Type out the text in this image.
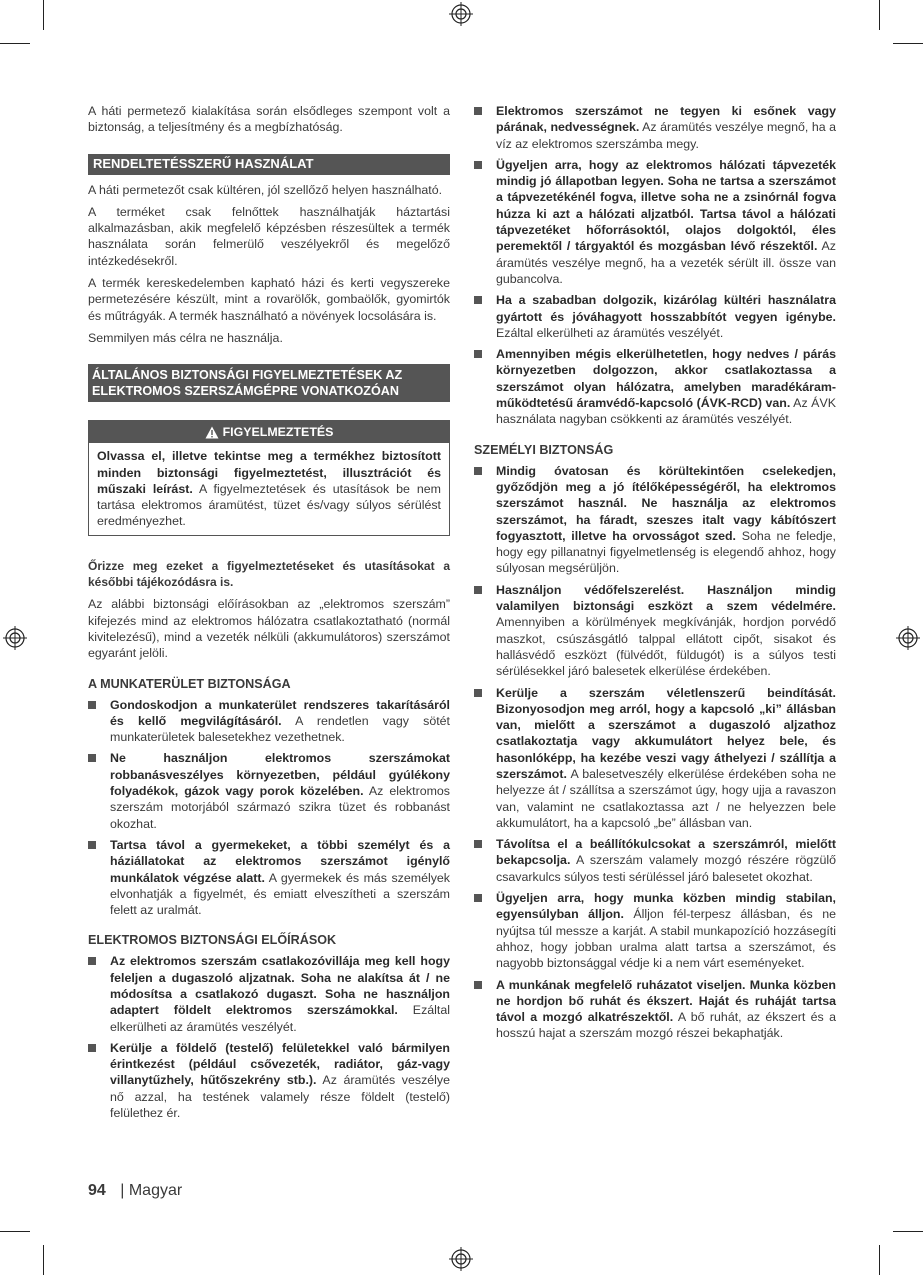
A háti permetező kialakítása során elsődleges szempont volt a biztonság, a teljesítmény és a megbízhatóság.

RENDELTETÉSSZERŰ HASZNÁLAT

A háti permetezőt csak kültéren, jól szellőző helyen használható.

A terméket csak felnőttek használhatják háztartási alkalmazásban, akik megfelelő képzésben részesültek a termék használata során felmerülő veszélyekről és megelőző intézkedésekről.

A termék kereskedelemben kapható házi és kerti vegyszereke permetezésére készült, mint a rovarölők, gombaölők, gyomirtók és műtrágyák. A termék használható a növények locsolására is.

Semmilyen más célra ne használja.

ÁLTALÁNOS BIZTONSÁGI FIGYELMEZTETÉSEK AZ ELEKTROMOS SZERSZÁMGÉPRE VONATKOZÓAN
FIGYELMEZTETÉS

Olvassa el, illetve tekintse meg a termékhez biztosított minden biztonsági figyelmeztetést, illusztrációt és műszaki leírást. A figyelmeztetések és utasítások be nem tartása elektromos áramütést, tüzet és/vagy súlyos sérülést eredményezhet.

Őrizze meg ezeket a figyelmeztetéseket és utasításokat a későbbi tájékozódásra is.

Az alábbi biztonsági előírásokban az „elektromos szerszám” kifejezés mind az elektromos hálózatra csatlakoztatható (normál kivitelezésű), mind a vezeték nélküli (akkumulátoros) szerszámot egyaránt jelöli.

A MUNKATERÜLET BIZTONSÁGA
Gondoskodjon a munkaterület rendszeres takarításáról és kellő megvilágításáról. A rendetlen vagy sötét munkaterületek balesetekhez vezethetnek.
Ne használjon elektromos szerszámokat robbanásveszélyes környezetben, például gyúlékony folyadékok, gázok vagy porok közelében. Az elektromos szerszám motorjából származó szikra tüzet és robbanást okozhat.
Tartsa távol a gyermekeket, a többi személyt és a háziállatokat az elektromos szerszámot igénylő munkálatok végzése alatt. A gyermekek és más személyek elvonhatják a figyelmét, és emiatt elveszítheti a szerszám felett az uralmát.
ELEKTROMOS BIZTONSÁGI ELŐÍRÁSOK
Az elektromos szerszám csatlakozóvillája meg kell hogy feleljen a dugaszoló aljzatnak. Soha ne alakítsa át / ne módosítsa a csatlakozó dugaszt. Soha ne használjon adaptert földelt elektromos szerszámokkal. Ezáltal elkerülheti az áramütés veszélyét.
Kerülje a földelő (testelő) felületekkel való bármilyen érintkezést (például csővezeték, radiátor, gáz-vagy villanytűzhely, hűtőszekrény stb.). Az áramütés veszélye nő azzal, ha testének valamely része földelt (testelő) felülethez ér.
Elektromos szerszámot ne tegyen ki esőnek vagy párának, nedvességnek. Az áramütés veszélye megnő, ha a víz az elektromos szerszámba megy.
Ügyeljen arra, hogy az elektromos hálózati tápvezeték mindig jó állapotban legyen. Soha ne tartsa a szerszámot a tápvezetékénél fogva, illetve soha ne a zsinórnál fogva húzza ki azt a hálózati aljzatból. Tartsa távol a hálózati tápvezetéket hőforrásoktól, olajos dolgoktól, éles peremektől / tárgyaktól és mozgásban lévő részektől. Az áramütés veszélye megnő, ha a vezeték sérült ill. össze van gubancolva.
Ha a szabadban dolgozik, kizárólag kültéri használatra gyártott és jóváhagyott hosszabbítót vegyen igénybe. Ezáltal elkerülheti az áramütés veszélyét.
Amennyiben mégis elkerülhetetlen, hogy nedves / párás környezetben dolgozzon, akkor csatlakoztassa a szerszámot olyan hálózatra, amelyben maradékáram-működtetésű áramvédő-kapcsoló (ÁVK-RCD) van. Az ÁVK használata nagyban csökkenti az áramütés veszélyét.
SZEMÉLYI BIZTONSÁG
Mindig óvatosan és körültekintően cselekedjen, győződjön meg a jó ítélőképességéről, ha elektromos szerszámot használ. Ne használja az elektromos szerszámot, ha fáradt, szeszes italt vagy kábítószert fogyasztott, illetve ha orvosságot szed. Soha ne feledje, hogy egy pillanatnyi figyelmetlenség is elegendő ahhoz, hogy súlyosan megsérüljön.
Használjon védőfelszerelést. Használjon mindig valamilyen biztonsági eszközt a szem védelmére. Amennyiben a körülmények megkívánják, hordjon porvédő maszkot, csúszásgátló talppal ellátott cipőt, sisakot és hallásvédő eszközt (fülvédőt, füldugót) is a súlyos testi sérülésekkel járó balesetek elkerülése érdekében.
Kerülje a szerszám véletlenszerű beindítását. Bizonyosodjon meg arról, hogy a kapcsoló „ki” állásban van, mielőtt a szerszámot a dugaszoló aljzathoz csatlakoztatja vagy akkumulátort helyez bele, és hasonlóképp, ha kezébe veszi vagy áthelyezi / szállítja a szerszámot. A balesetveszély elkerülése érdekében soha ne helyezze át / szállítsa a szerszámot úgy, hogy ujja a ravaszon van, valamint ne csatlakoztassa azt / ne helyezzen bele akkumulátort, ha a kapcsoló „be” állásban van.
Távolítsa el a beállítókulcsokat a szerszámról, mielőtt bekapcsolja. A szerszám valamely mozgó részére rögzülő csavarkulcs súlyos testi sérüléssel járó balesetet okozhat.
Ügyeljen arra, hogy munka közben mindig stabilan, egyensúlyban álljon. Álljon fél-terpesz állásban, és ne nyújtsa túl messze a karját. A stabil munkapozíció hozzásegíti ahhoz, hogy jobban uralma alatt tartsa a szerszámot, és nagyobb biztonsággal védje ki a nem várt eseményeket.
A munkának megfelelő ruházatot viseljen. Munka közben ne hordjon bő ruhát és ékszert. Haját és ruháját tartsa távol a mozgó alkatrészektől. A bő ruhát, az ékszert és a hosszú hajat a szerszám mozgó részei bekaphatják.
94 | Magyar
